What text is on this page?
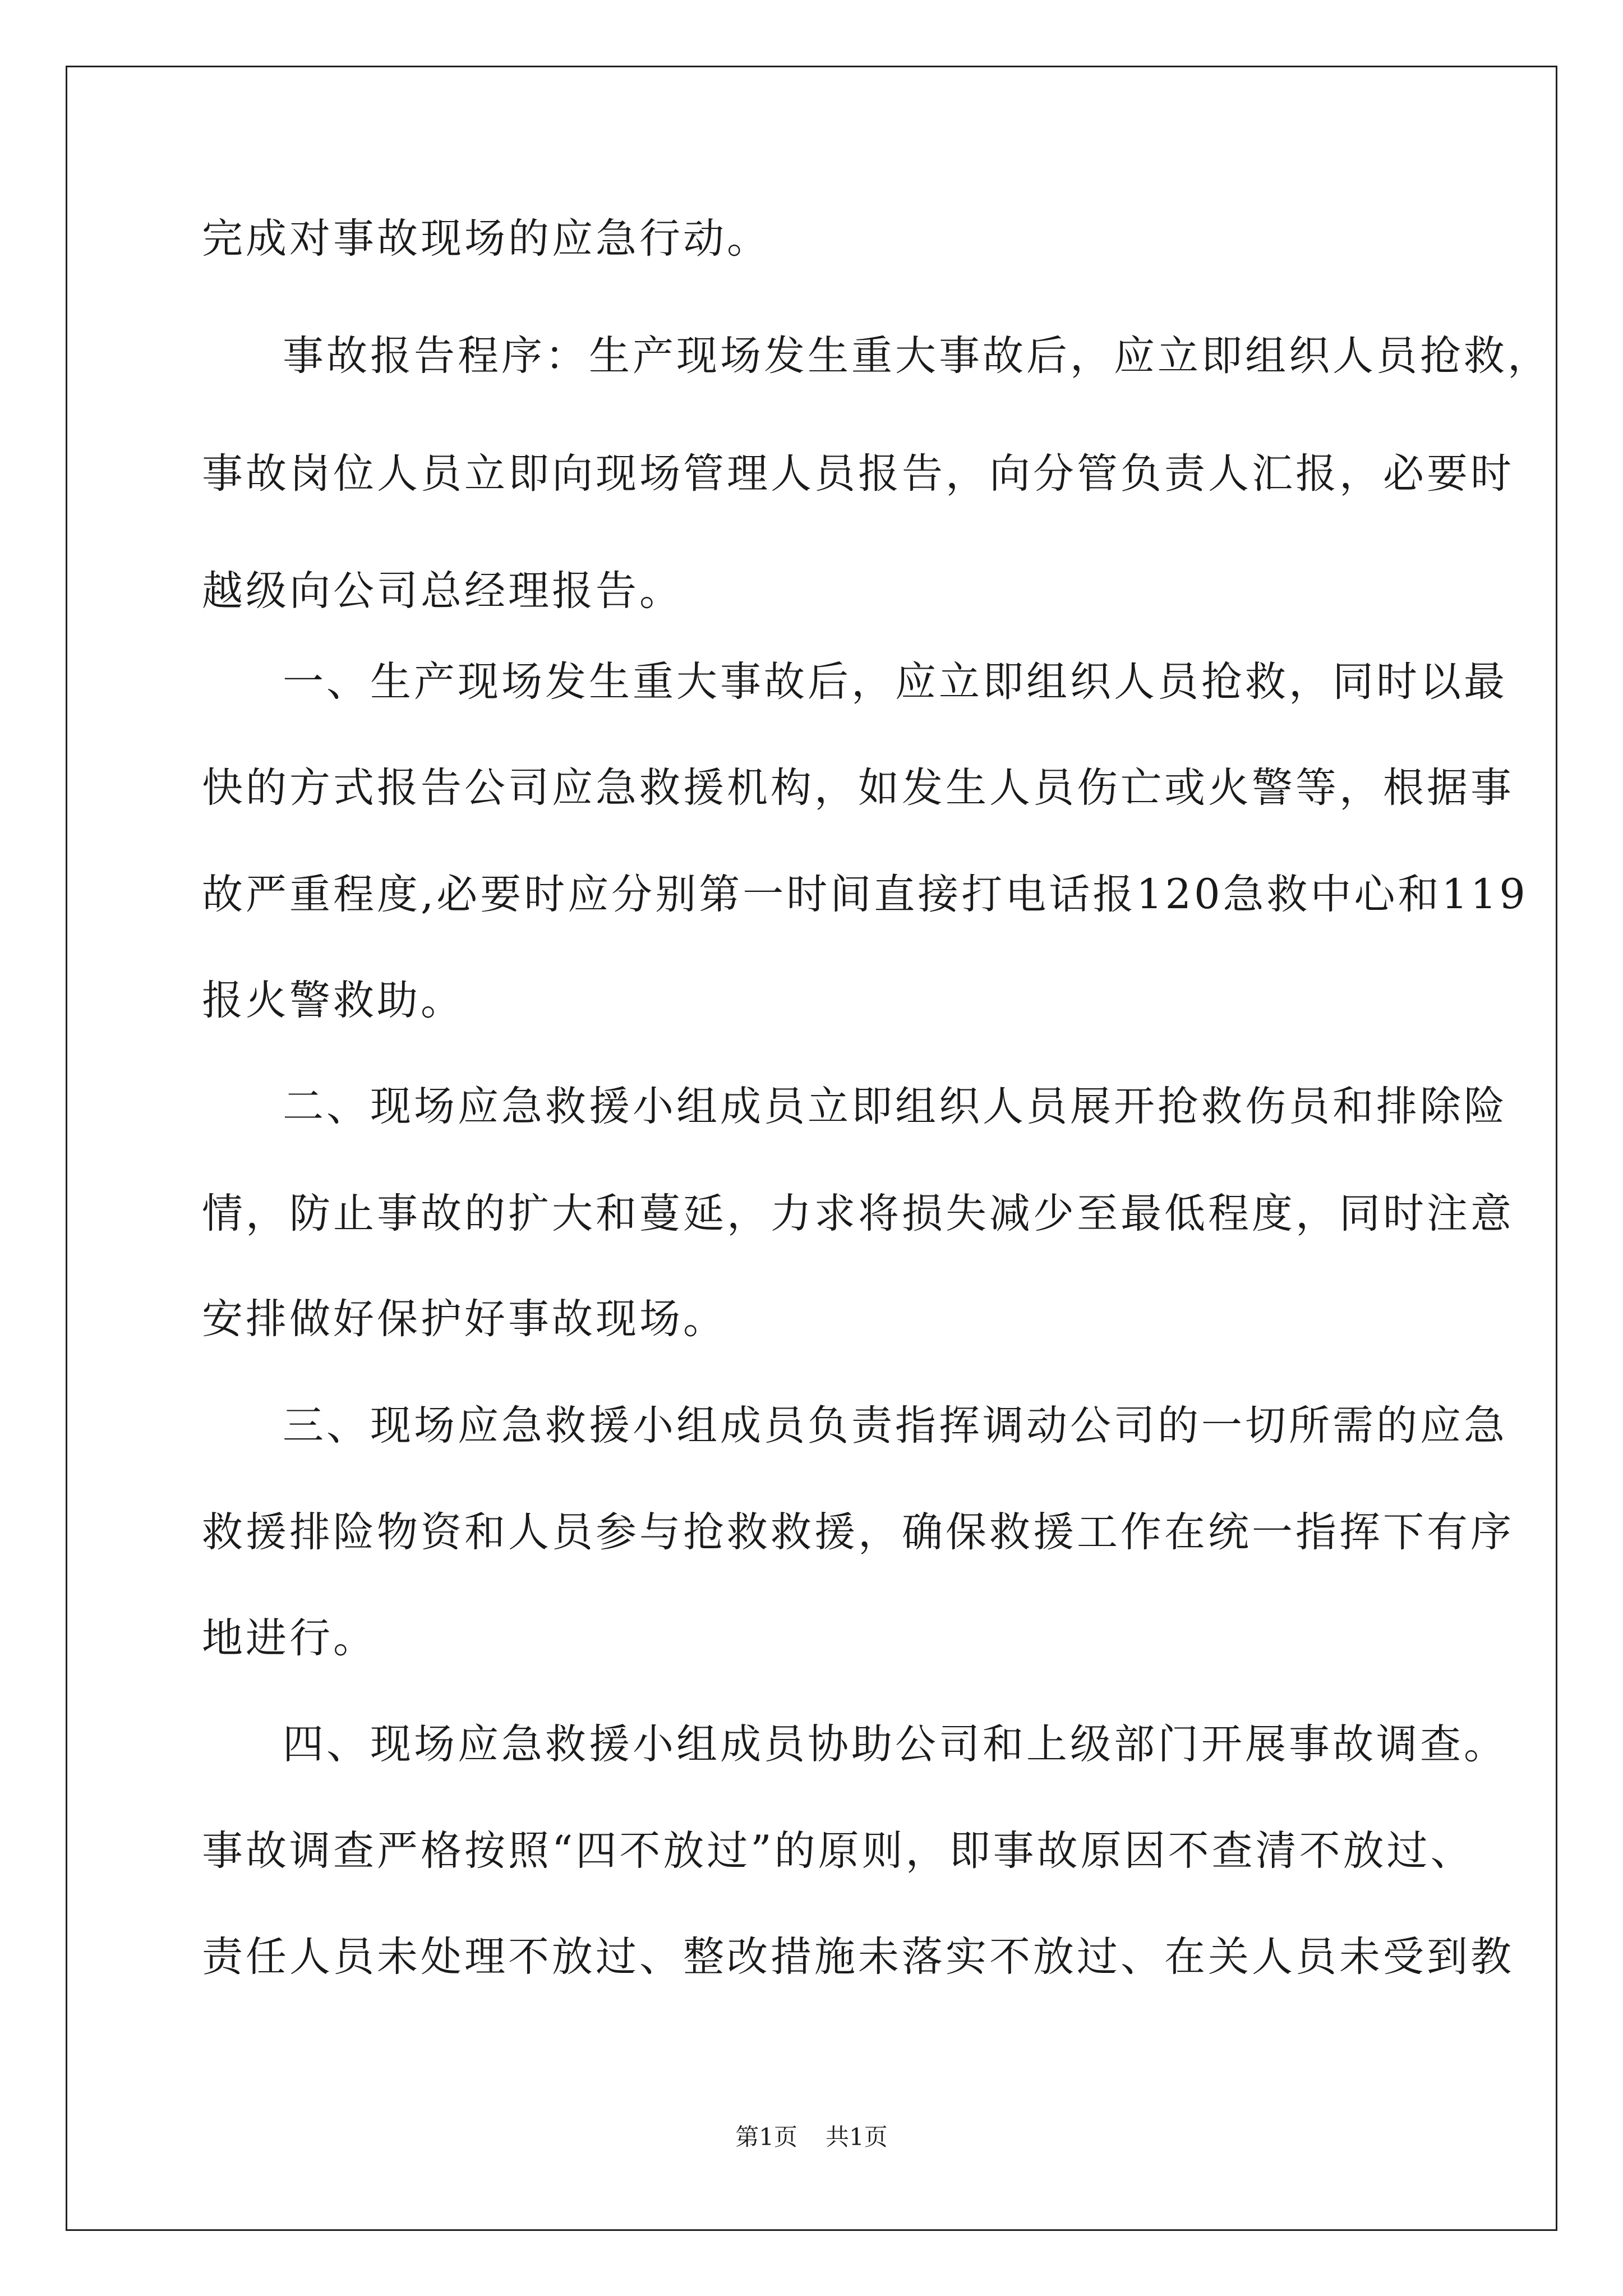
完成对事故现场的应急行动。
事故报告程序：生产现场发生重大事故后，应立即组织人员抢救，
事故岗位人员立即向现场管理人员报告，向分管负责人汇报，必要时
越级向公司总经理报告。
一、生产现场发生重大事故后，应立即组织人员抢救，同时以最
快的方式报告公司应急救援机构，如发生人员伤亡或火警等，根据事
故严重程度,必要时应分别第一时间直接打电话报120急救中心和119
报火警救助。
二、现场应急救援小组成员立即组织人员展开抢救伤员和排除险
情，防止事故的扩大和蔓延，力求将损失减少至最低程度，同时注意
安排做好保护好事故现场。
三、现场应急救援小组成员负责指挥调动公司的一切所需的应急
救援排险物资和人员参与抢救救援，确保救援工作在统一指挥下有序
地进行。
四、现场应急救援小组成员协助公司和上级部门开展事故调查。
事故调查严格按照“四不放过”的原则，即事故原因不查清不放过、
责任人员未处理不放过、整改措施未落实不放过、在关人员未受到教
第1页 共1页
